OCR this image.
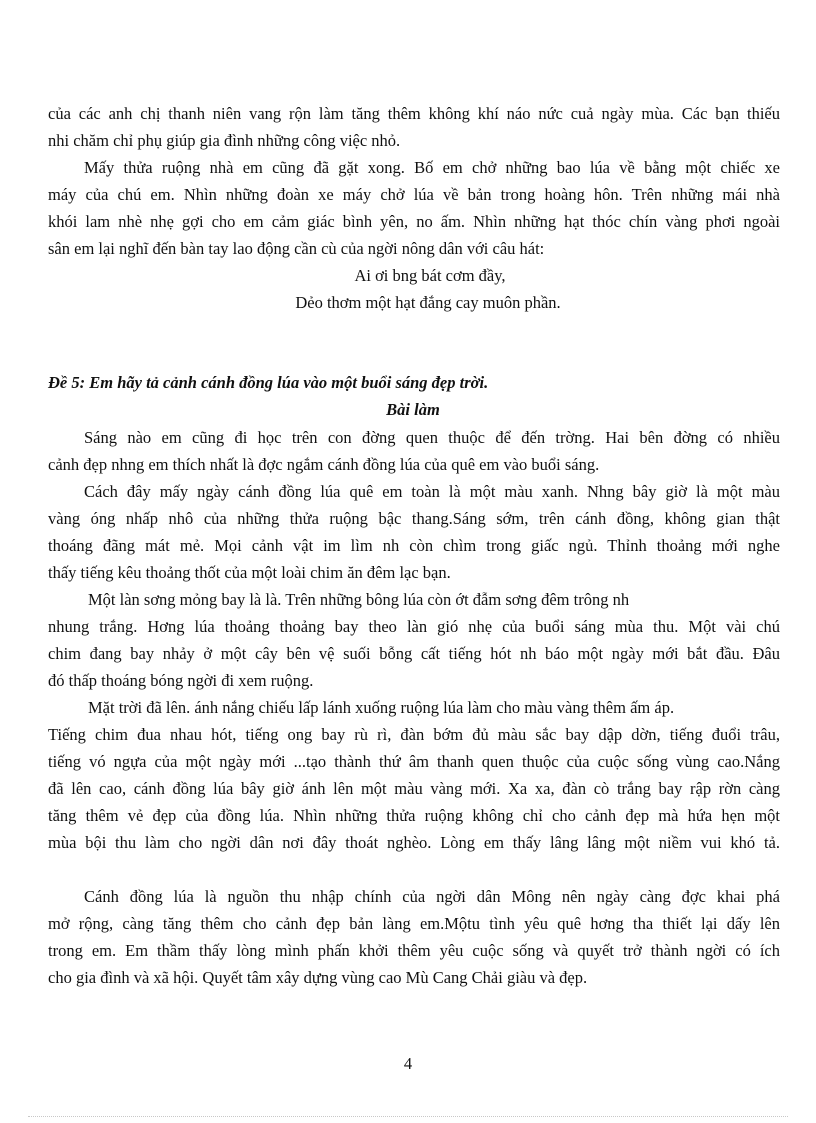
của các anh chị thanh niên vang rộn làm tăng thêm không khí náo nức cuả ngày mùa. Các bạn thiếu
nhi chăm chỉ phụ giúp gia đình những công việc nhỏ.
Mấy thửa ruộng nhà em cũng đã gặt xong. Bố em chở những bao lúa về bằng một chiếc xe
máy của chú em. Nhìn những đoàn xe máy chở lúa về bản trong hoàng hôn. Trên những mái nhà
khói lam nhè nhẹ gợi cho em cảm giác bình yên, no ấm. Nhìn những hạt thóc chín vàng phơi ngoài
sân em lại nghĩ đến bàn tay lao động cần cù của ngời nông dân với câu hát:
Ai ơi bng bát cơm đầy,
Dẻo thơm một hạt đắng cay muôn phần.
Đề 5: Em hãy tả cảnh cánh đồng lúa vào một buổi sáng đẹp trời.
Bài làm
Sáng nào em cũng đi học trên con đờng quen thuộc để đến trờng. Hai bên đờng có nhiều
cảnh đẹp nhng em thích nhất là đợc ngắm cánh đồng lúa của quê em vào buổi sáng.
Cách đây mấy ngày cánh đồng lúa quê em toàn là một màu xanh. Nhng bây giờ là một màu
vàng óng nhấp nhô của những thửa ruộng bậc thang.Sáng sớm, trên cánh đồng, không gian thật
thoáng đãng mát mẻ. Mọi cảnh vật im lìm nh còn chìm trong giấc ngủ. Thỉnh thoảng mới nghe
thấy tiếng kêu thoảng thốt của một loài chim ăn đêm lạc bạn.
Một làn sơng mỏng bay là là. Trên những bông lúa còn ớt đẫm sơng đêm trông nh
nhung trắng. Hơng lúa thoảng thoảng bay theo làn gió nhẹ của buổi sáng mùa thu. Một vài chú
chim đang bay nhảy ở một cây bên vệ suối bỗng cất tiếng hót nh báo một ngày mới bắt đầu. Đâu
đó thấp thoáng bóng ngời đi xem ruộng.
Mặt trời đã lên. ánh nắng chiếu lấp lánh xuống ruộng lúa làm cho màu vàng thêm ấm áp.
Tiếng chim đua nhau hót, tiếng ong bay rù rì, đàn bớm đủ màu sắc bay dập dờn, tiếng đuổi trâu,
tiếng vó ngựa của một ngày mới ...tạo thành thứ âm thanh quen thuộc của cuộc sống vùng cao.Nắng
đã lên cao, cánh đồng lúa bây giờ ánh lên một màu vàng mới. Xa xa, đàn cò trắng bay rập rờn càng
tăng thêm vẻ đẹp của đồng lúa. Nhìn những thửa ruộng không chỉ cho cảnh đẹp mà hứa hẹn một
mùa bội thu làm cho ngời dân nơi đây thoát nghèo. Lòng em thấy lâng lâng một niềm vui khó tả.
Cánh đồng lúa là nguồn thu nhập chính của ngời dân Mông nên ngày càng đợc khai phá
mở rộng, càng tăng thêm cho cảnh đẹp bản làng em.Mộtu tình yêu quê hơng tha thiết lại dấy lên
trong em. Em thầm thấy lòng mình phấn khởi thêm yêu cuộc sống và quyết trở thành ngời có ích
cho gia đình và xã hội. Quyết tâm xây dựng vùng cao Mù Cang Chải giàu và đẹp.
4
